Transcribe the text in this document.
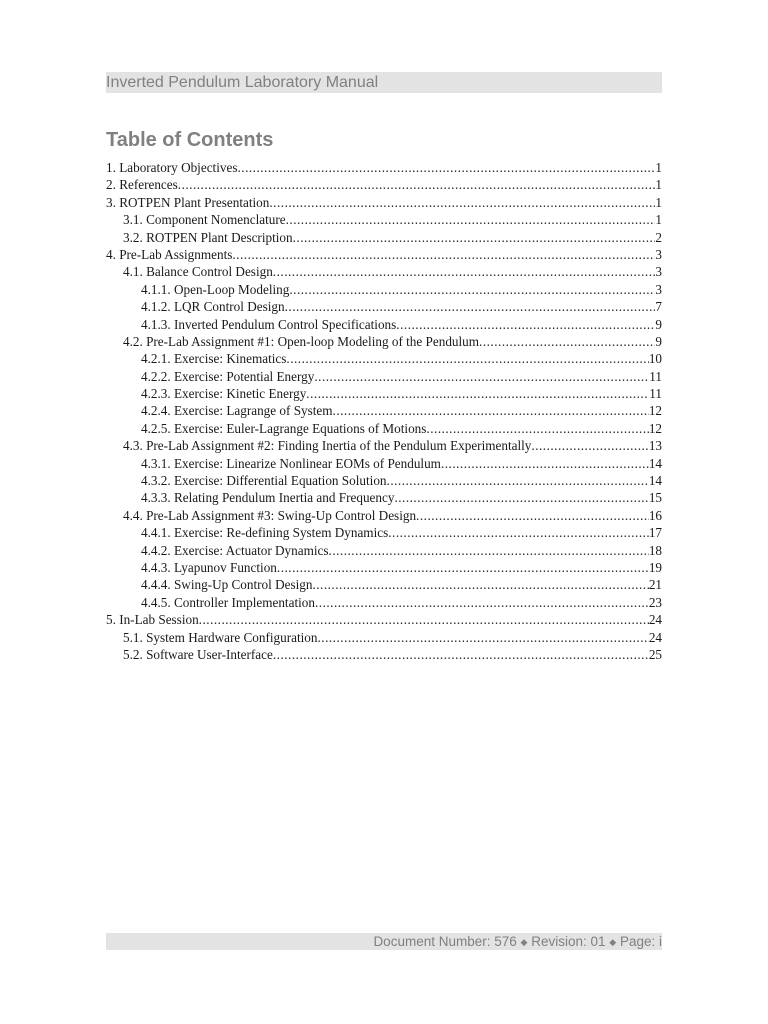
Inverted Pendulum Laboratory Manual
Table of Contents
1. Laboratory Objectives .....	1
2. References .....	1
3. ROTPEN Plant Presentation .....	1
3.1. Component Nomenclature .....	1
3.2. ROTPEN Plant Description .....	2
4. Pre-Lab Assignments .....	3
4.1. Balance Control Design .....	3
4.1.1. Open-Loop Modeling .....	3
4.1.2. LQR Control Design .....	7
4.1.3. Inverted Pendulum Control Specifications .....	9
4.2. Pre-Lab Assignment #1: Open-loop Modeling of the Pendulum .....	9
4.2.1. Exercise: Kinematics .....	10
4.2.2. Exercise: Potential Energy .....	11
4.2.3. Exercise: Kinetic Energy .....	11
4.2.4. Exercise: Lagrange of System .....	12
4.2.5. Exercise: Euler-Lagrange Equations of Motions .....	12
4.3. Pre-Lab Assignment #2: Finding Inertia of the Pendulum Experimentally .....	13
4.3.1. Exercise: Linearize Nonlinear EOMs of Pendulum .....	14
4.3.2. Exercise: Differential Equation Solution .....	14
4.3.3. Relating Pendulum Inertia and Frequency .....	15
4.4. Pre-Lab Assignment #3: Swing-Up Control Design .....	16
4.4.1. Exercise: Re-defining System Dynamics .....	17
4.4.2. Exercise: Actuator Dynamics .....	18
4.4.3. Lyapunov Function .....	19
4.4.4. Swing-Up Control Design .....	21
4.4.5. Controller Implementation .....	23
5. In-Lab Session .....	24
5.1. System Hardware Configuration .....	24
5.2. Software User-Interface .....	25
Document Number: 576 ◆ Revision: 01 ◆ Page: i
